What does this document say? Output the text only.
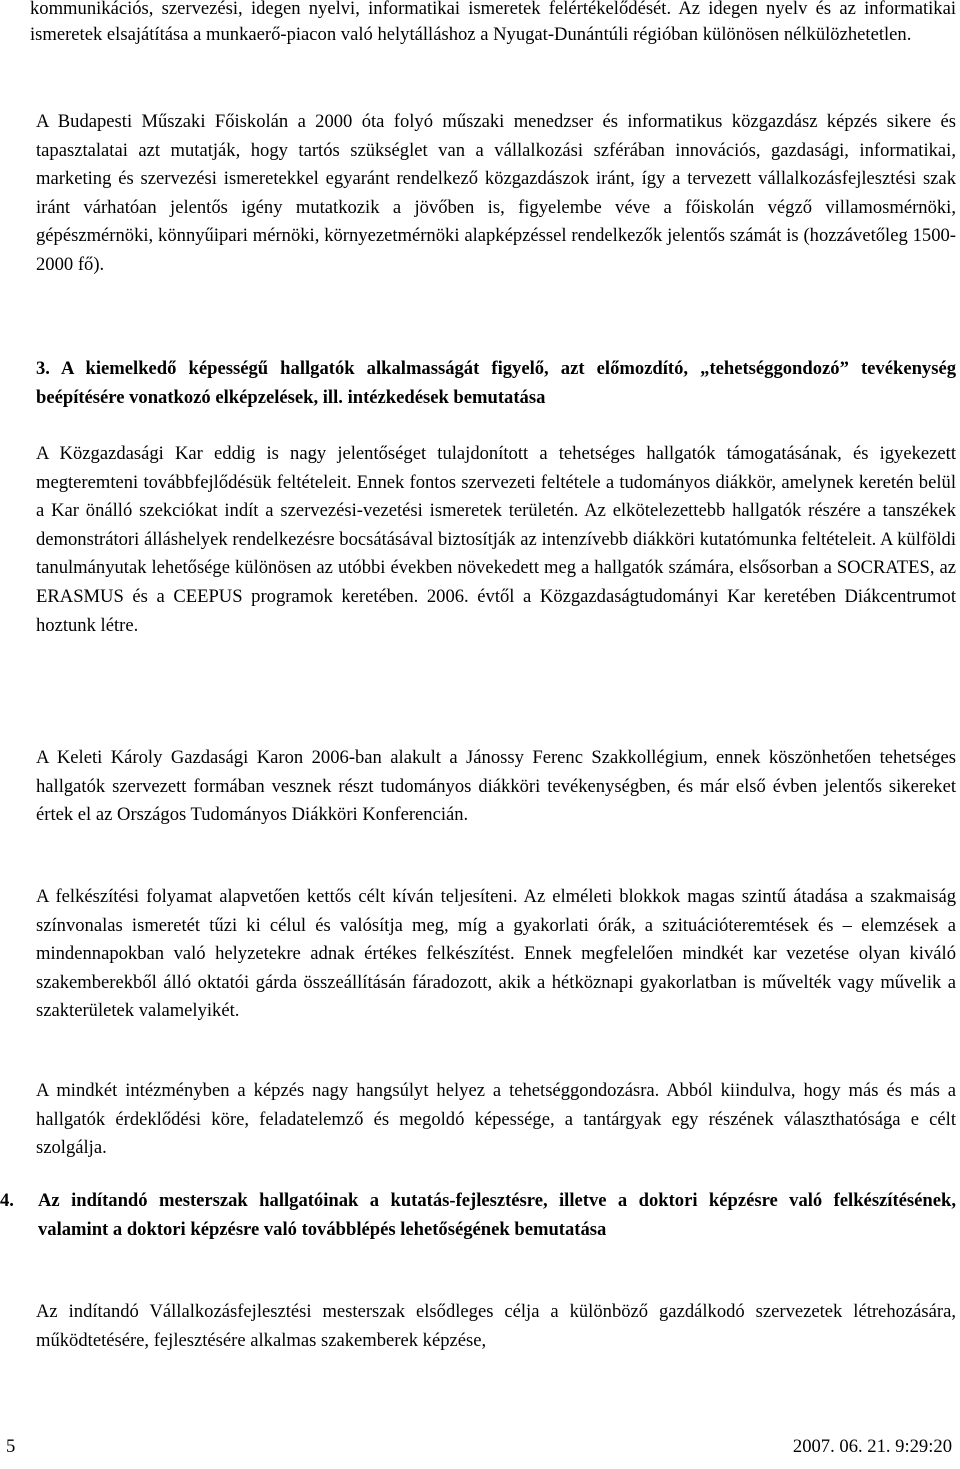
kommunikációs, szervezési, idegen nyelvi, informatikai ismeretek felértékelődését. Az idegen nyelv és az informatikai ismeretek elsajátítása a munkaerő-piacon való helytálláshoz a Nyugat-Dunántúli régióban különösen nélkülözhetetlen.

A Budapesti Műszaki Főiskolán a 2000 óta folyó műszaki menedzser és informatikus közgazdász képzés sikere és tapasztalatai azt mutatják, hogy tartós szükséglet van a vállalkozási szférában innovációs, gazdasági, informatikai, marketing és szervezési ismeretekkel egyaránt rendelkező közgazdászok iránt, így a tervezett vállalkozásfejlesztési szak iránt várhatóan jelentős igény mutatkozik a jövőben is, figyelembe véve a főiskolán végző villamosmérnöki, gépészmérnöki, könnyűipari mérnöki, környezetmérnöki alapképzéssel rendelkezők jelentős számát is (hozzávetőleg 1500-2000 fő).

3. A kiemelkedő képességű hallgatók alkalmasságát figyelő, azt előmozdító, „tehetséggondozó” tevékenység beépítésére vonatkozó elképzelések, ill. intézkedések bemutatása

A Közgazdasági Kar eddig is nagy jelentőséget tulajdonított a tehetséges hallgatók támogatásának, és igyekezett megteremteni továbbfejlődésük feltételeit. Ennek fontos szervezeti feltétele a tudományos diákkör, amelynek keretén belül a Kar önálló szekciókat indít a szervezési-vezetési ismeretek területén. Az elkötelezettebb hallgatók részére a tanszékek demonstrátori álláshelyek rendelkezésre bocsátásával biztosítják az intenzívebb diákköri kutatómunka feltételeit. A külföldi tanulmányutak lehetősége különösen az utóbbi években növekedett meg a hallgatók számára, elsősorban a SOCRATES, az ERASMUS és a CEEPUS programok keretében. 2006. évtől a Közgazdaságtudományi Kar keretében Diákcentrumot hoztunk létre.

A Keleti Károly Gazdasági Karon 2006-ban alakult a Jánossy Ferenc Szakkollégium, ennek köszönhetően tehetséges hallgatók szervezett formában vesznek részt tudományos diákköri tevékenységben, és már első évben jelentős sikereket értek el az Országos Tudományos Diákköri Konferencián.

A felkészítési folyamat alapvetően kettős célt kíván teljesíteni. Az elméleti blokkok magas szintű átadása a szakmaiság színvonalas ismeretét tűzi ki célul és valósítja meg, míg a gyakorlati órák, a szituációteremtések és – elemzések a mindennapokban való helyzetekre adnak értékes felkészítést. Ennek megfelelően mindkét kar vezetése olyan kiváló szakemberekből álló oktatói gárda összeállításán fáradozott, akik a hétköznapi gyakorlatban is művelték vagy művelik a szakterületek valamelyikét.

A mindkét intézményben a képzés nagy hangsúlyt helyez a tehetséggondozásra. Abból kiindulva, hogy más és más a hallgatók érdeklődési köre, feladatelemző és megoldó képessége, a tantárgyak egy részének választhatósága e célt szolgálja.

4. Az indítandó mesterszak hallgatóinak a kutatás-fejlesztésre, illetve a doktori képzésre való felkészítésének, valamint a doktori képzésre való továbblépés lehetőségének bemutatása

Az indítandó Vállalkozásfejlesztési mesterszak elsődleges célja a különböző gazdálkodó szervezetek létrehozására, működtetésére, fejlesztésére alkalmas szakemberek képzése,

5	2007. 06. 21. 9:29:20
